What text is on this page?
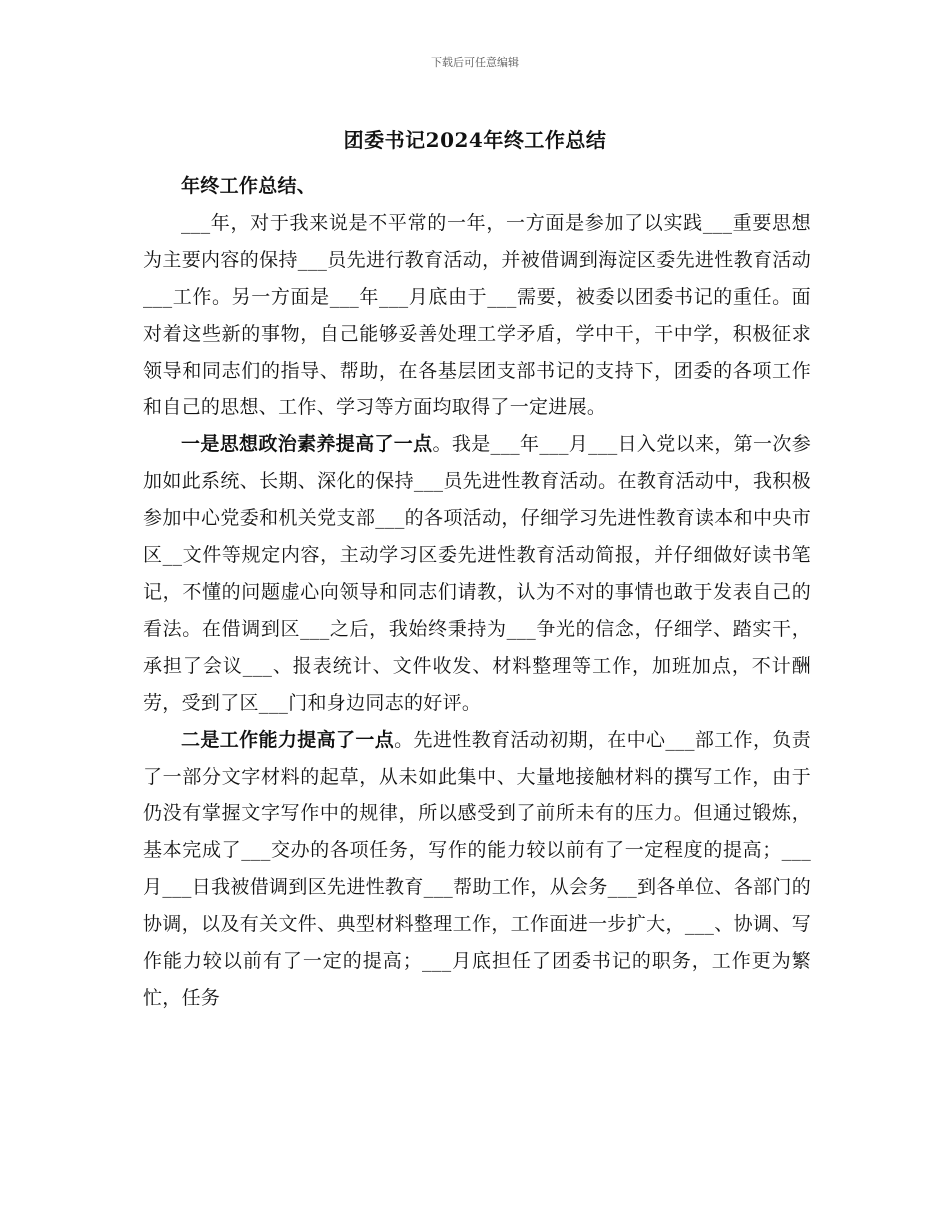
下载后可任意编辑
团委书记2024年终工作总结

年终工作总结、

___年，对于我来说是不平常的一年，一方面是参加了以实践___重要思想为主要内容的保持___员先进行教育活动，并被借调到海淀区委先进性教育活动___工作。另一方面是___年___月底由于___需要，被委以团委书记的重任。面对着这些新的事物，自己能够妥善处理工学矛盾，学中干，干中学，积极征求领导和同志们的指导、帮助，在各基层团支部书记的支持下，团委的各项工作和自己的思想、工作、学习等方面均取得了一定进展。

一是思想政治素养提高了一点。我是___年___月___日入党以来，第一次参加如此系统、长期、深化的保持___员先进性教育活动。在教育活动中，我积极参加中心党委和机关党支部___的各项活动，仔细学习先进性教育读本和中央市区__文件等规定内容，主动学习区委先进性教育活动简报，并仔细做好读书笔记，不懂的问题虚心向领导和同志们请教，认为不对的事情也敢于发表自己的看法。在借调到区___之后，我始终秉持为___争光的信念，仔细学、踏实干，承担了会议___、报表统计、文件收发、材料整理等工作，加班加点，不计酬劳，受到了区___门和身边同志的好评。

二是工作能力提高了一点。先进性教育活动初期，在中心___部工作，负责了一部分文字材料的起草，从未如此集中、大量地接触材料的撰写工作，由于仍没有掌握文字写作中的规律，所以感受到了前所未有的压力。但通过锻炼，基本完成了___交办的各项任务，写作的能力较以前有了一定程度的提高；___月___日我被借调到区先进性教育___帮助工作，从会务___到各单位、各部门的协调，以及有关文件、典型材料整理工作，工作面进一步扩大，___、协调、写作能力较以前有了一定的提高；___月底担任了团委书记的职务，工作更为繁忙，任务
